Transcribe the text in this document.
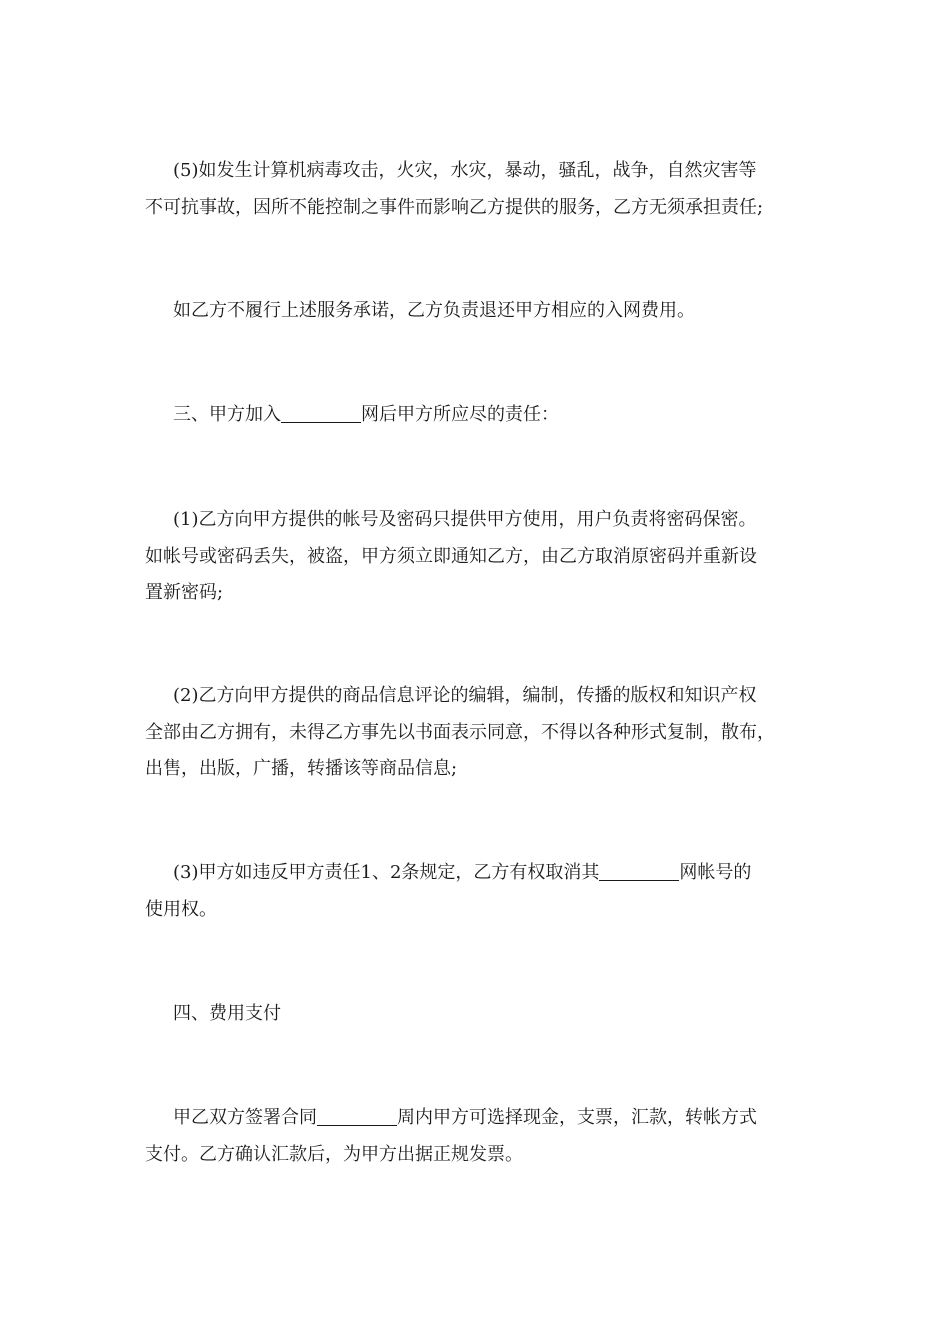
(5)如发生计算机病毒攻击，火灾，水灾，暴动，骚乱，战争，自然灾害等
不可抗事故，因所不能控制之事件而影响乙方提供的服务，乙方无须承担责任;
如乙方不履行上述服务承诺，乙方负责退还甲方相应的入网费用。
三、甲方加入	网后甲方所应尽的责任：
(1)乙方向甲方提供的帐号及密码只提供甲方使用，用户负责将密码保密。
如帐号或密码丢失，被盗，甲方须立即通知乙方，由乙方取消原密码并重新设
置新密码;
(2)乙方向甲方提供的商品信息评论的编辑，编制，传播的版权和知识产权
全部由乙方拥有，未得乙方事先以书面表示同意，不得以各种形式复制，散布，
出售，出版，广播，转播该等商品信息;
(3)甲方如违反甲方责任1、2条规定，乙方有权取消其	网帐号的
使用权。
四、费用支付
甲乙双方签署合同	周内甲方可选择现金，支票，汇款，转帐方式
支付。乙方确认汇款后，为甲方出据正规发票。
